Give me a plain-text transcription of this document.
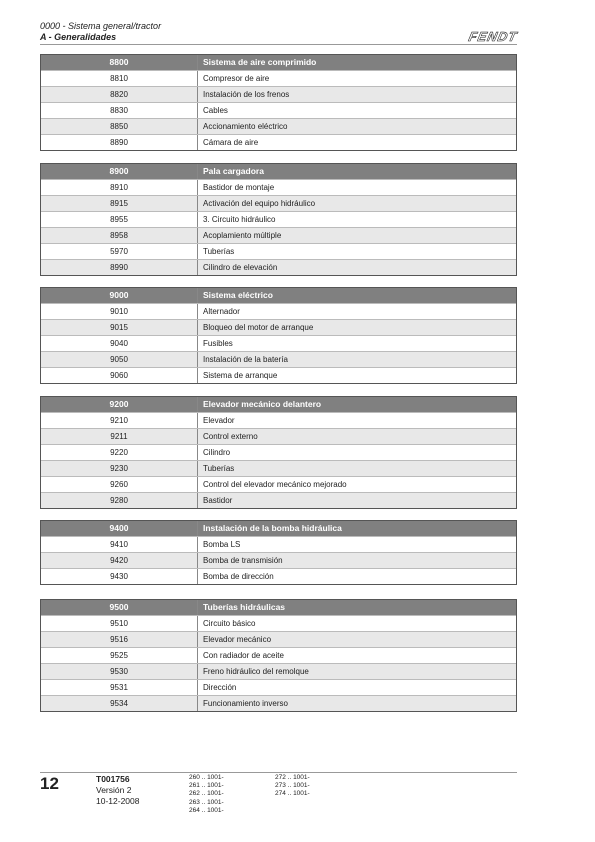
0000 - Sistema general/tractor
A - Generalidades	FENDT
8800	Sistema de aire comprimido
8810	Compresor de aire
8820	Instalación de los frenos
8830	Cables
8850	Accionamiento eléctrico
8890	Cámara de aire
8900	Pala cargadora
8910	Bastidor de montaje
8915	Activación del equipo hidráulico
8955	3. Circuito hidráulico
8958	Acoplamiento múltiple
5970	Tuberías
8990	Cilindro de elevación
9000	Sistema eléctrico
9010	Alternador
9015	Bloqueo del motor de arranque
9040	Fusibles
9050	Instalación de la batería
9060	Sistema de arranque
9200	Elevador mecánico delantero
9210	Elevador
9211	Control externo
9220	Cilindro
9230	Tuberías
9260	Control del elevador mecánico mejorado
9280	Bastidor
9400	Instalación de la bomba hidráulica
9410	Bomba LS
9420	Bomba de transmisión
9430	Bomba de dirección
9500	Tuberías hidráulicas
9510	Circuito básico
9516	Elevador mecánico
9525	Con radiador de aceite
9530	Freno hidráulico del remolque
9531	Dirección
9534	Funcionamiento inverso
12	T001756
Versión 2
10-12-2008
260 .. 1001-
261 .. 1001-
262 .. 1001-
263 .. 1001-
264 .. 1001-
272 .. 1001-
273 .. 1001-
274 .. 1001-
